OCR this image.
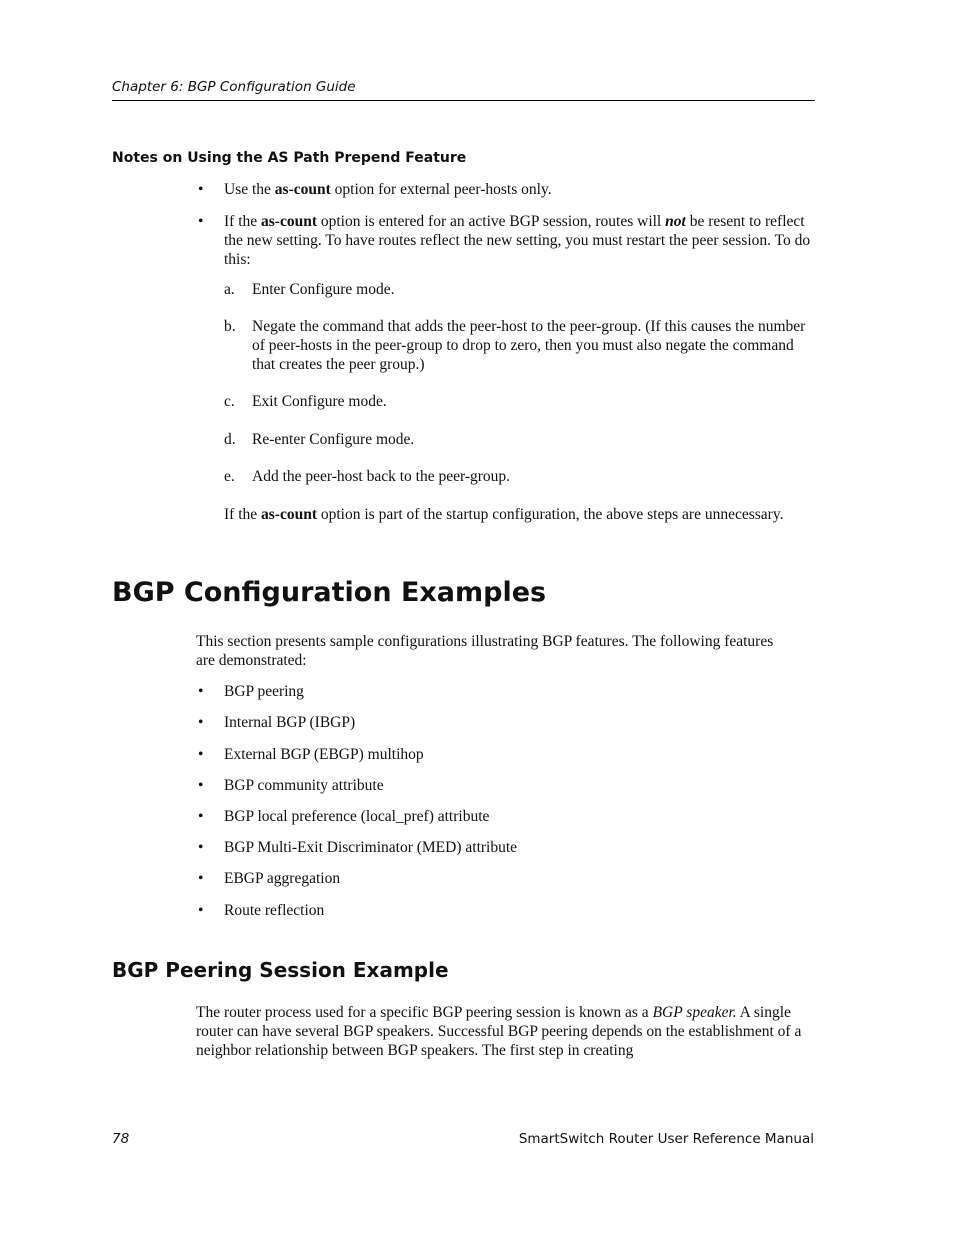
Chapter 6: BGP Configuration Guide
Notes on Using the AS Path Prepend Feature
• Use the as-count option for external peer-hosts only.
• If the as-count option is entered for an active BGP session, routes will not be resent to reflect the new setting. To have routes reflect the new setting, you must restart the peer session. To do this:
a. Enter Configure mode.
b. Negate the command that adds the peer-host to the peer-group. (If this causes the number of peer-hosts in the peer-group to drop to zero, then you must also negate the command that creates the peer group.)
c. Exit Configure mode.
d. Re-enter Configure mode.
e. Add the peer-host back to the peer-group.
If the as-count option is part of the startup configuration, the above steps are unnecessary.
BGP Configuration Examples
This section presents sample configurations illustrating BGP features. The following features are demonstrated:
• BGP peering
• Internal BGP (IBGP)
• External BGP (EBGP) multihop
• BGP community attribute
• BGP local preference (local_pref) attribute
• BGP Multi-Exit Discriminator (MED) attribute
• EBGP aggregation
• Route reflection
BGP Peering Session Example
The router process used for a specific BGP peering session is known as a BGP speaker. A single router can have several BGP speakers. Successful BGP peering depends on the establishment of a neighbor relationship between BGP speakers. The first step in creating
78	SmartSwitch Router User Reference Manual
